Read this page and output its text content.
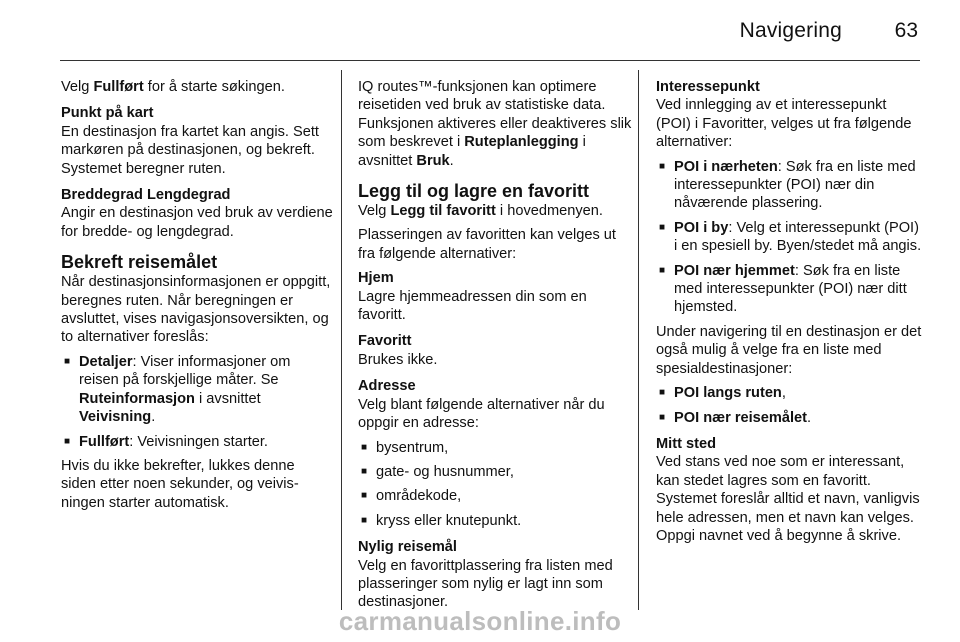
Navigering	63

Velg Fullført for å starte søkingen.

Punkt på kart

En destinasjon fra kartet kan angis. Sett markøren på destinasjonen, og bekreft. Systemet beregner ruten.

Breddegrad Lengdegrad

Angir en destinasjon ved bruk av verdiene for bredde- og lengdegrad.

Bekreft reisemålet

Når destinasjonsinformasjonen er oppgitt, beregnes ruten. Når beregningen er avsluttet, vises navigasjonsoversikten, og to alternativer foreslås:

■ Detaljer: Viser informasjoner om reisen på forskjellige måter. Se Ruteinformasjon i avsnittet Veivisning.
■ Fullført: Veivisningen starter.

Hvis du ikke bekrefter, lukkes denne siden etter noen sekunder, og veivisningen starter automatisk.

IQ routes™-funksjonen kan optimere reisetiden ved bruk av statistiske data. Funksjonen aktiveres eller deaktiveres slik som beskrevet i Ruteplanlegging i avsnittet Bruk.

Legg til og lagre en favoritt

Velg Legg til favoritt i hovedmenyen.

Plasseringen av favoritten kan velges ut fra følgende alternativer:

Hjem

Lagre hjemmeadressen din som en favoritt.

Favoritt

Brukes ikke.

Adresse

Velg blant følgende alternativer når du oppgir en adresse:

■ bysentrum,
■ gate- og husnummer,
■ områdekode,
■ kryss eller knutepunkt.

Nylig reisemål

Velg en favorittplassering fra listen med plasseringer som nylig er lagt inn som destinasjoner.

Interessepunkt

Ved innlegging av et interessepunkt (POI) i Favoritter, velges ut fra følgende alternativer:

■ POI i nærheten: Søk fra en liste med interessepunkter (POI) nær din nåværende plassering.
■ POI i by: Velg et interessepunkt (POI) i en spesiell by. Byen/stedet må angis.
■ POI nær hjemmet: Søk fra en liste med interessepunkter (POI) nær ditt hjemsted.

Under navigering til en destinasjon er det også mulig å velge fra en liste med spesialdestinasjoner:

■ POI langs ruten,
■ POI nær reisemålet.

Mitt sted

Ved stans ved noe som er interessant, kan stedet lagres som en favoritt. Systemet foreslår alltid et navn, vanligvis hele adressen, men et navn kan velges. Oppgi navnet ved å begynne å skrive.

carmanualsonline.info
